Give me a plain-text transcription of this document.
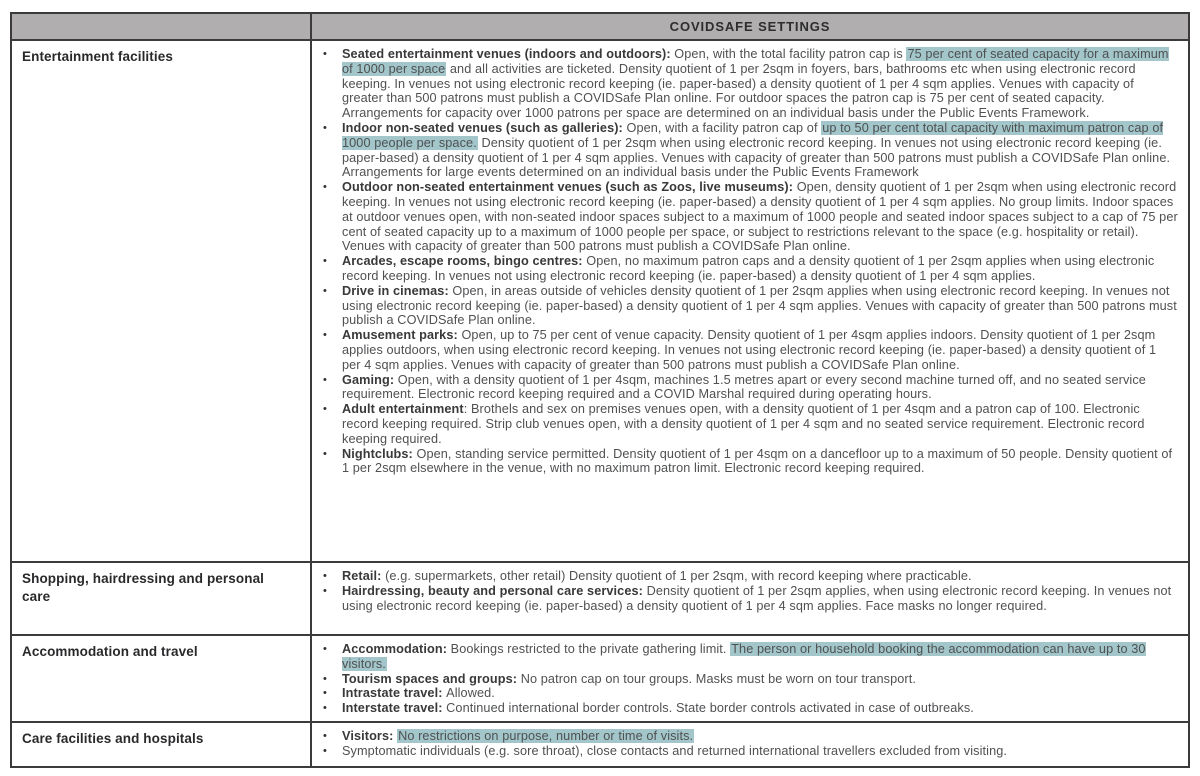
COVIDSAFE SETTINGS
Entertainment facilities	•	Seated entertainment venues (indoors and outdoors): Open, with the total facility patron cap is 75 per cent of seated capacity for a maximum of 1000 per space and all activities are ticketed. Density quotient of 1 per 2sqm in foyers, bars, bathrooms etc when using electronic record keeping. In venues not using electronic record keeping (ie. paper-based) a density quotient of 1 per 4 sqm applies. Venues with capacity of greater than 500 patrons must publish a COVIDSafe Plan online. For outdoor spaces the patron cap is 75 per cent of seated capacity. Arrangements for capacity over 1000 patrons per space are determined on an individual basis under the Public Events Framework.
•	Indoor non-seated venues (such as galleries): Open, with a facility patron cap of up to 50 per cent total capacity with maximum patron cap of 1000 people per space. Density quotient of 1 per 2sqm when using electronic record keeping. In venues not using electronic record keeping (ie. paper-based) a density quotient of 1 per 4 sqm applies. Venues with capacity of greater than 500 patrons must publish a COVIDSafe Plan online. Arrangements for large events determined on an individual basis under the Public Events Framework
•	Outdoor non-seated entertainment venues (such as Zoos, live museums): Open, density quotient of 1 per 2sqm when using electronic record keeping. In venues not using electronic record keeping (ie. paper-based) a density quotient of 1 per 4 sqm applies. No group limits. Indoor spaces at outdoor venues open, with non-seated indoor spaces subject to a maximum of 1000 people and seated indoor spaces subject to a cap of 75 per cent of seated capacity up to a maximum of 1000 people per space, or subject to restrictions relevant to the space (e.g. hospitality or retail). Venues with capacity of greater than 500 patrons must publish a COVIDSafe Plan online.
•	Arcades, escape rooms, bingo centres: Open, no maximum patron caps and a density quotient of 1 per 2sqm applies when using electronic record keeping. In venues not using electronic record keeping (ie. paper-based) a density quotient of 1 per 4 sqm applies.
•	Drive in cinemas: Open, in areas outside of vehicles density quotient of 1 per 2sqm applies when using electronic record keeping. In venues not using electronic record keeping (ie. paper-based) a density quotient of 1 per 4 sqm applies. Venues with capacity of greater than 500 patrons must publish a COVIDSafe Plan online.
•	Amusement parks: Open, up to 75 per cent of venue capacity. Density quotient of 1 per 4sqm applies indoors. Density quotient of 1 per 2sqm applies outdoors, when using electronic record keeping. In venues not using electronic record keeping (ie. paper-based) a density quotient of 1 per 4 sqm applies. Venues with capacity of greater than 500 patrons must publish a COVIDSafe Plan online.
•	Gaming: Open, with a density quotient of 1 per 4sqm, machines 1.5 metres apart or every second machine turned off, and no seated service requirement. Electronic record keeping required and a COVID Marshal required during operating hours.
•	Adult entertainment: Brothels and sex on premises venues open, with a density quotient of 1 per 4sqm and a patron cap of 100. Electronic record keeping required. Strip club venues open, with a density quotient of 1 per 4 sqm and no seated service requirement. Electronic record keeping required.
•	Nightclubs: Open, standing service permitted. Density quotient of 1 per 4sqm on a dancefloor up to a maximum of 50 people. Density quotient of 1 per 2sqm elsewhere in the venue, with no maximum patron limit. Electronic record keeping required.
Shopping, hairdressing and personal care
•	Retail: (e.g. supermarkets, other retail) Density quotient of 1 per 2sqm, with record keeping where practicable.
•	Hairdressing, beauty and personal care services: Density quotient of 1 per 2sqm applies, when using electronic record keeping. In venues not using electronic record keeping (ie. paper-based) a density quotient of 1 per 4 sqm applies. Face masks no longer required.
Accommodation and travel	•	Accommodation: Bookings restricted to the private gathering limit. The person or household booking the accommodation can have up to 30 visitors.
•	Tourism spaces and groups: No patron cap on tour groups. Masks must be worn on tour transport.
•	Intrastate travel: Allowed.
•	Interstate travel: Continued international border controls. State border controls activated in case of outbreaks.
Care facilities and hospitals	•	Visitors: No restrictions on purpose, number or time of visits.
•	Symptomatic individuals (e.g. sore throat), close contacts and returned international travellers excluded from visiting.
